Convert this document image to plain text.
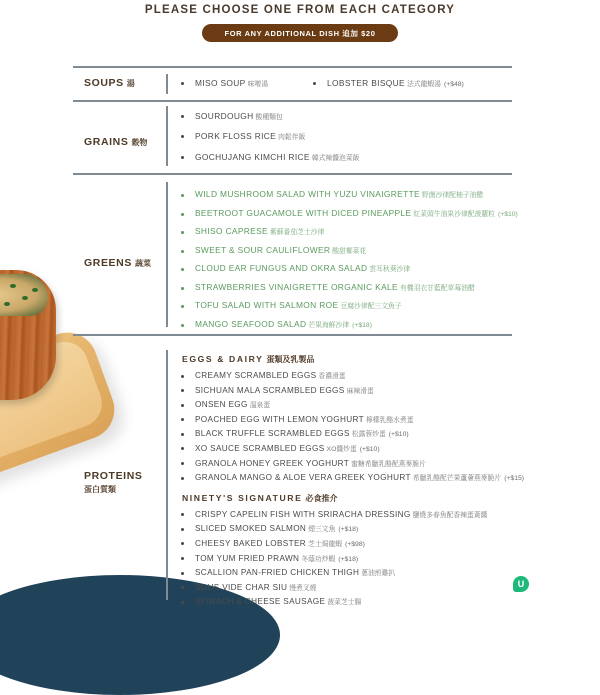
PLEASE CHOOSE ONE FROM EACH CATEGORY
FOR ANY ADDITIONAL DISH 追加 $20
SOUPS 湯	MISO SOUP 味噌湯	LOBSTER BISQUE 法式龍蝦湯 (+$48)
GRAINS 穀物
SOURDOUGH 酸種麵包
PORK FLOSS RICE 肉鬆伴飯
GOCHUJANG KIMCHI RICE 韓式辣醬泡菜飯
GREENS 蔬菜
WILD MUSHROOM SALAD WITH YUZU VINAIGRETTE 野菌沙律配柚子油醋
BEETROOT GUACAMOLE WITH DICED PINEAPPLE 紅菜頭牛油果沙律配菠蘿粒 (+$10)
SHISO CAPRESE 紫蘇番茄芝士沙律
SWEET & SOUR CAULIFLOWER 酸甜椰菜花
CLOUD EAR FUNGUS AND OKRA SALAD 雲耳秋葵沙律
STRAWBERRIES VINAIGRETTE ORGANIC KALE 有機羽衣甘藍配草莓油醋
TOFU SALAD WITH SALMON ROE 豆腐沙律配三文魚子
MANGO SEAFOOD SALAD 芒果海鮮沙律 (+$18)
PROTEINS
蛋白質類
EGGS & DAIRY 蛋類及乳製品
CREAMY SCRAMBLED EGGS 香濃滑蛋
SICHUAN MALA SCRAMBLED EGGS 麻辣滑蛋
ONSEN EGG 溫泉蛋
POACHED EGG WITH LEMON YOGHURT 檸檬乳酪水煮蛋
BLACK TRUFFLE SCRAMBLED EGGS 松露蓉炒蛋 (+$10)
XO SAUCE SCRAMBLED EGGS XO醬炒蛋 (+$10)
GRANOLA HONEY GREEK YOGHURT 蜜糖希臘乳酪配燕麥脆片
GRANOLA MANGO & ALOE VERA GREEK YOGHURT 希臘乳酪配芒果蘆薈燕麥脆片 (+$15)
NINETY'S SIGNATURE 必食推介
CRISPY CAPELIN FISH WITH SRIRACHA DRESSING 鹽燒多春魚配香辣蛋黃醬
SLICED SMOKED SALMON 煙三文魚 (+$18)
CHEESY BAKED LOBSTER 芝士焗龍蝦 (+$98)
TOM YUM FRIED PRAWN 冬蔭功炒蝦 (+$18)
SCALLION PAN-FRIED CHICKEN THIGH 蔥油煎雞扒
SOUS VIDE CHAR SIU 慢煮叉燒
SPINACH & CHEESE SAUSAGE 菠菜芝士腸
U
